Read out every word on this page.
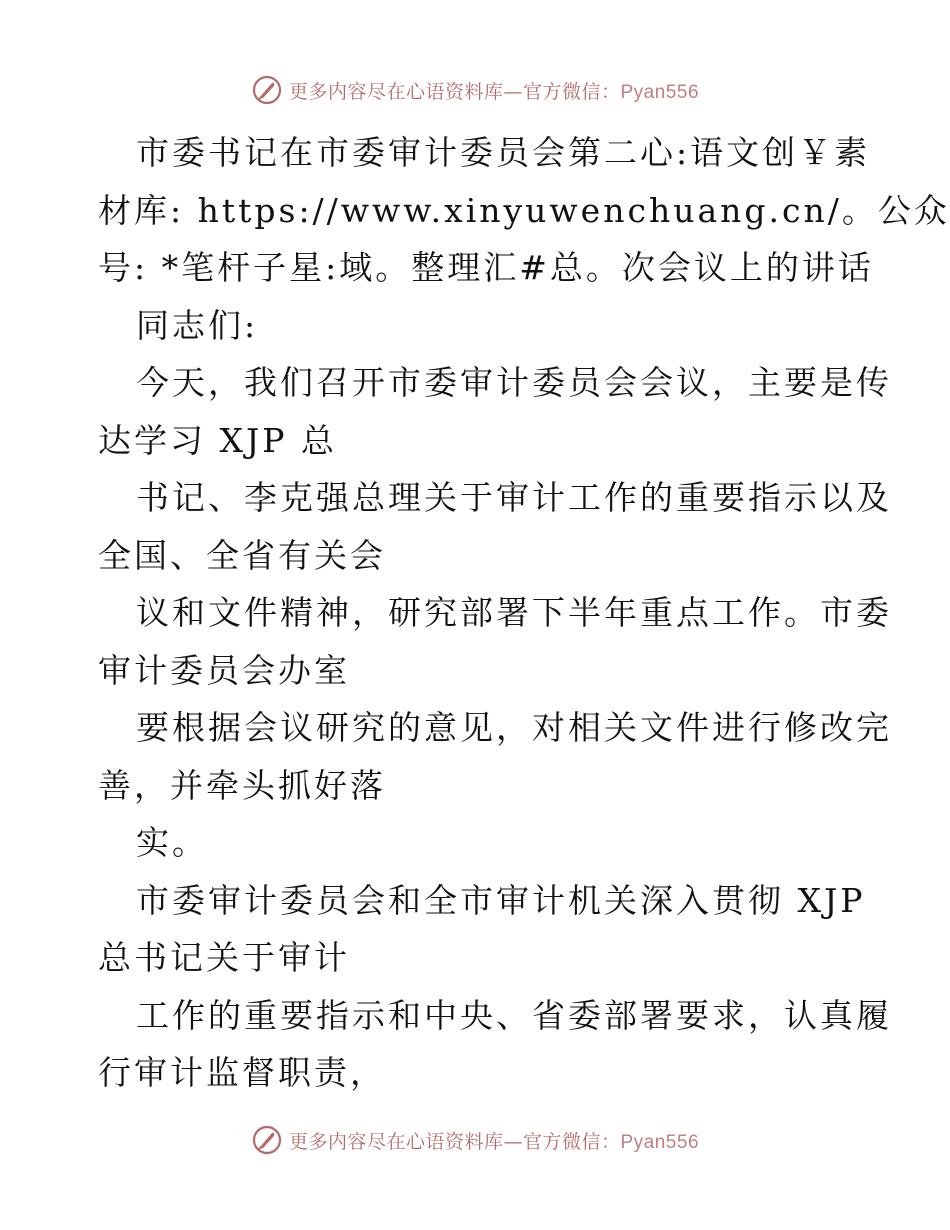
更多内容尽在心语资料库—官方微信：Pyan556
市委书记在市委审计委员会第二心:语文创￥素
材库: https://www.xinyuwenchuang.cn/。公众
号: *笔杆子星:域。整理汇#总。次会议上的讲话
同志们:
今天，我们召开市委审计委员会会议，主要是传
达学习 XJP 总
书记、李克强总理关于审计工作的重要指示以及
全国、全省有关会
议和文件精神，研究部署下半年重点工作。市委
审计委员会办室
要根据会议研究的意见，对相关文件进行修改完
善，并牵头抓好落
实。
市委审计委员会和全市审计机关深入贯彻 XJP
总书记关于审计
工作的重要指示和中央、省委部署要求，认真履
行审计监督职责，
更多内容尽在心语资料库—官方微信：Pyan556
